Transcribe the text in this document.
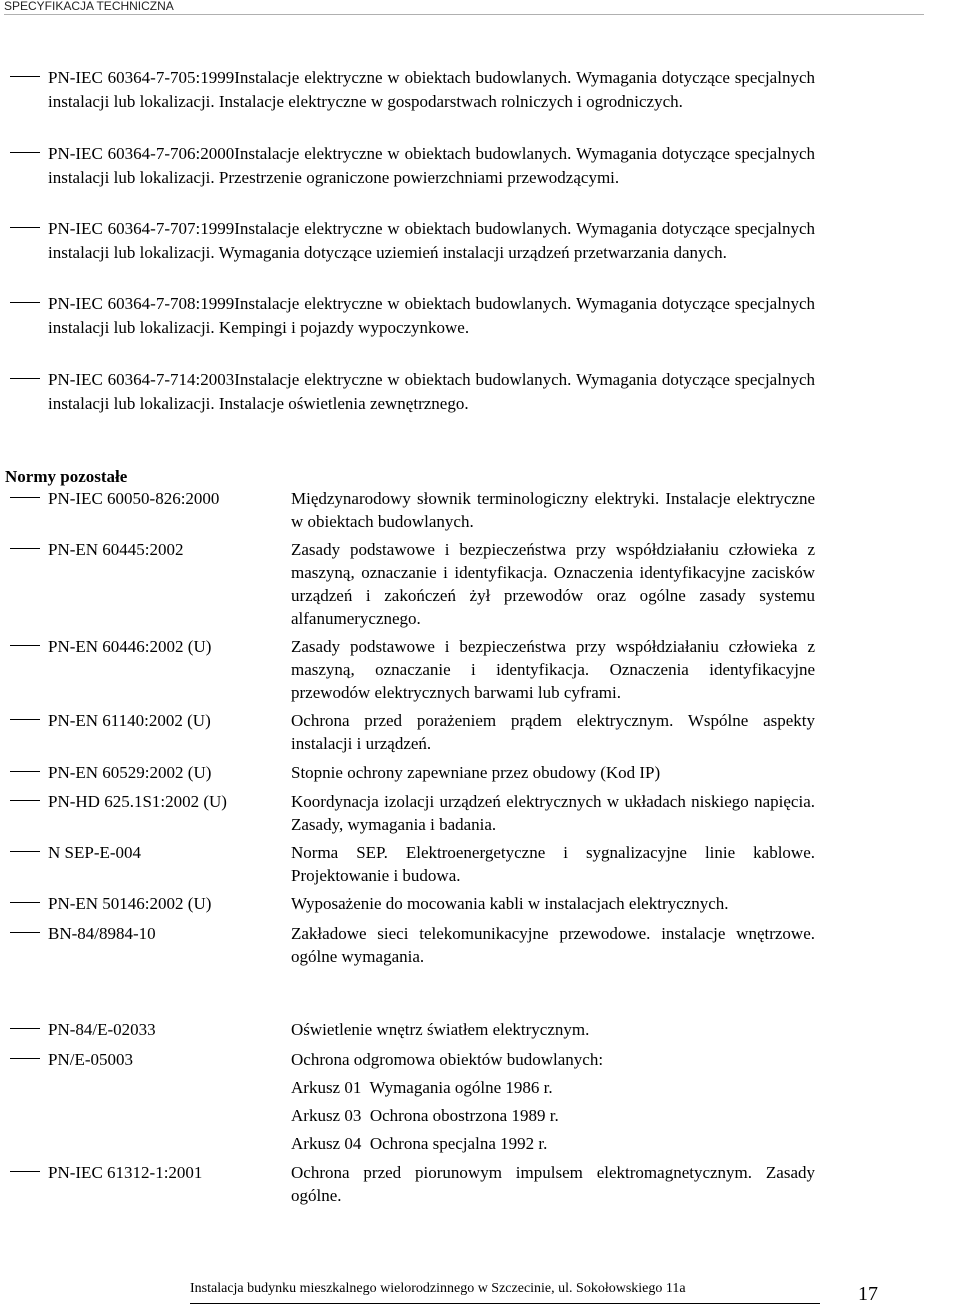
SPECYFIKACJA TECHNICZNA
PN-IEC 60364-7-705:1999Instalacje elektryczne w obiektach budowlanych. Wymagania dotyczące specjalnych instalacji lub lokalizacji. Instalacje elektryczne w gospodarstwach rolniczych i ogrodniczych.
PN-IEC 60364-7-706:2000Instalacje elektryczne w obiektach budowlanych. Wymagania dotyczące specjalnych instalacji lub lokalizacji. Przestrzenie ograniczone powierzchniami przewodzącymi.
PN-IEC 60364-7-707:1999Instalacje elektryczne w obiektach budowlanych. Wymagania dotyczące specjalnych instalacji lub lokalizacji. Wymagania dotyczące uziemień instalacji urządzeń przetwarzania danych.
PN-IEC 60364-7-708:1999Instalacje elektryczne w obiektach budowlanych. Wymagania dotyczące specjalnych instalacji lub lokalizacji. Kempingi i pojazdy wypoczynkowe.
PN-IEC 60364-7-714:2003Instalacje elektryczne w obiektach budowlanych. Wymagania dotyczące specjalnych instalacji lub lokalizacji. Instalacje oświetlenia zewnętrznego.
Normy pozostałe
PN-IEC 60050-826:2000	Międzynarodowy słownik terminologiczny elektryki. Instalacje elektryczne w obiektach budowlanych.
PN-EN 60445:2002	Zasady podstawowe i bezpieczeństwa przy współdziałaniu człowieka z maszyną, oznaczanie i identyfikacja. Oznaczenia identyfikacyjne zacisków urządzeń i zakończeń żył przewodów oraz ogólne zasady systemu alfanumerycznego.
PN-EN 60446:2002 (U)	Zasady podstawowe i bezpieczeństwa przy współdziałaniu człowieka z maszyną, oznaczanie i identyfikacja. Oznaczenia identyfikacyjne przewodów elektrycznych barwami lub cyframi.
PN-EN 61140:2002 (U)	Ochrona przed porażeniem prądem elektrycznym. Wspólne aspekty instalacji i urządzeń.
PN-EN 60529:2002 (U)	Stopnie ochrony zapewniane przez obudowy (Kod IP)
PN-HD 625.1S1:2002 (U)	Koordynacja izolacji urządzeń elektrycznych w układach niskiego napięcia. Zasady, wymagania i badania.
N SEP-E-004	Norma SEP. Elektroenergetyczne i sygnalizacyjne linie kablowe. Projektowanie i budowa.
PN-EN 50146:2002 (U)	Wyposażenie do mocowania kabli w instalacjach elektrycznych.
BN-84/8984-10	Zakładowe sieci telekomunikacyjne przewodowe. instalacje wnętrzowe. ogólne wymagania.
PN-84/E-02033	Oświetlenie wnętrz światłem elektrycznym.
PN/E-05003	Ochrona odgromowa obiektów budowlanych:
Arkusz 01  Wymagania ogólne 1986 r.
Arkusz 03  Ochrona obostrzona 1989 r.
Arkusz 04  Ochrona specjalna 1992 r.
PN-IEC 61312-1:2001	Ochrona przed piorunowym impulsem elektromagnetycznym. Zasady ogólne.
Instalacja budynku mieszkalnego wielorodzinnego w Szczecinie, ul. Sokołowskiego 11a	17
